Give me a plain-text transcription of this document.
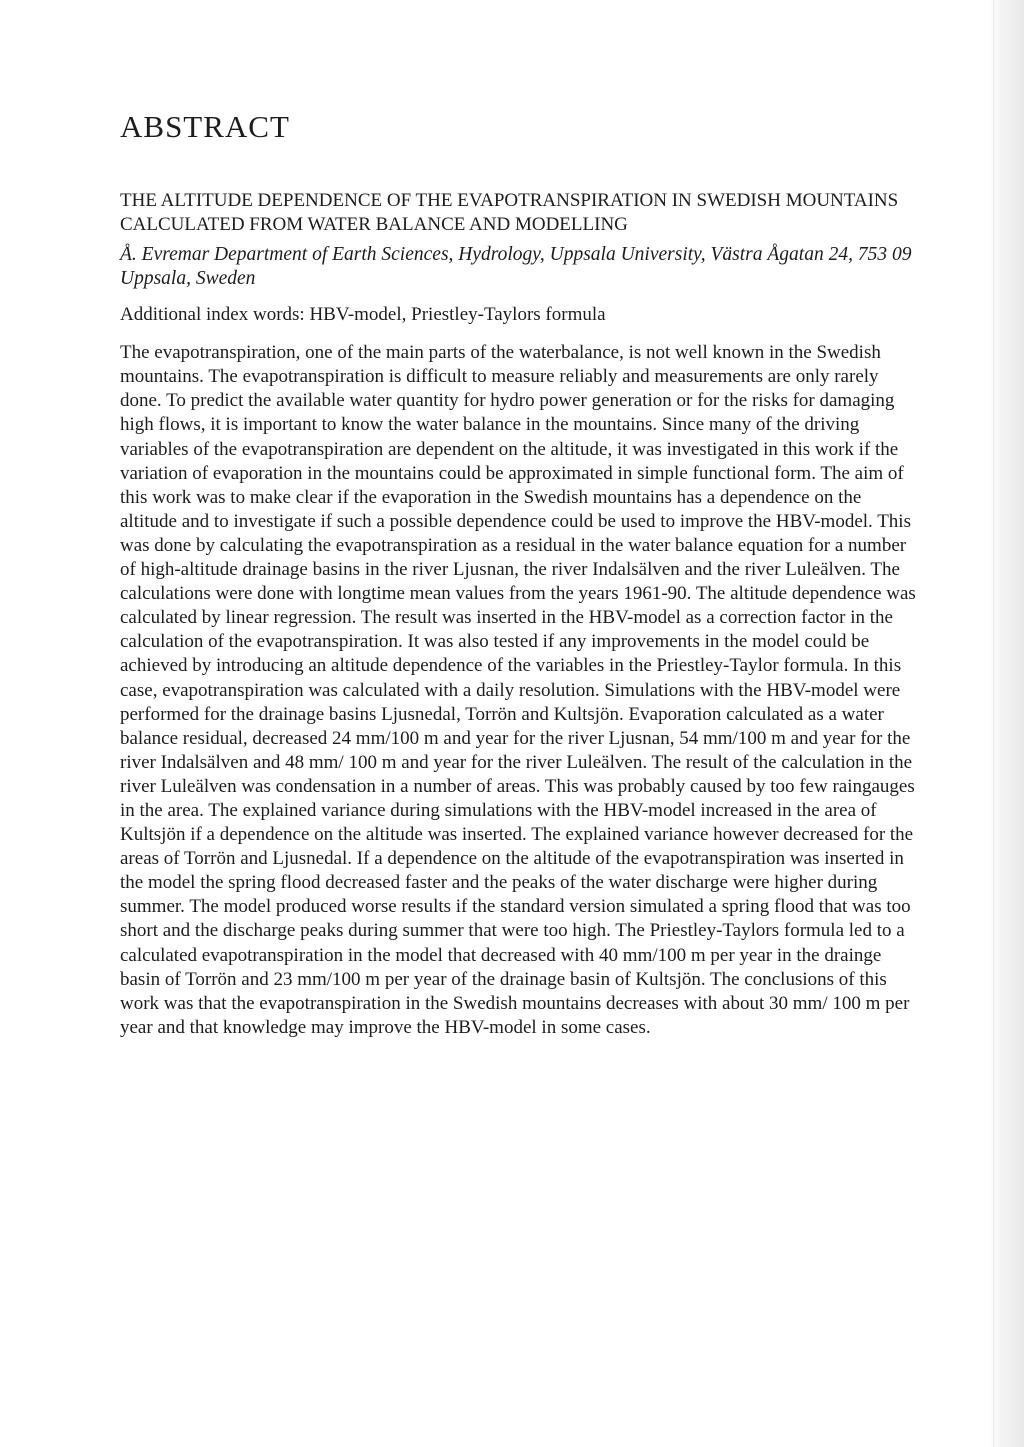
ABSTRACT

THE ALTITUDE DEPENDENCE OF THE EVAPOTRANSPIRATION IN SWEDISH MOUNTAINS CALCULATED FROM WATER BALANCE AND MODELLING

Å. Evremar Department of Earth Sciences, Hydrology, Uppsala University, Västra Ågatan 24, 753 09 Uppsala, Sweden

Additional index words: HBV-model, Priestley-Taylors formula

The evapotranspiration, one of the main parts of the waterbalance, is not well known in the Swedish mountains. The evapotranspiration is difficult to measure reliably and measurements are only rarely done. To predict the available water quantity for hydro power generation or for the risks for damaging high flows, it is important to know the water balance in the mountains. Since many of the driving variables of the evapotranspiration are dependent on the altitude, it was investigated in this work if the variation of evaporation in the mountains could be approximated in simple functional form. The aim of this work was to make clear if the evaporation in the Swedish mountains has a dependence on the altitude and to investigate if such a possible dependence could be used to improve the HBV-model. This was done by calculating the evapotranspiration as a residual in the water balance equation for a number of high-altitude drainage basins in the river Ljusnan, the river Indalsälven and the river Luleälven. The calculations were done with longtime mean values from the years 1961-90. The altitude dependence was calculated by linear regression. The result was inserted in the HBV-model as a correction factor in the calculation of the evapotranspiration. It was also tested if any improvements in the model could be achieved by introducing an altitude dependence of the variables in the Priestley-Taylor formula. In this case, evapotranspiration was calculated with a daily resolution. Simulations with the HBV-model were performed for the drainage basins Ljusnedal, Torrön and Kultsjön. Evaporation calculated as a water balance residual, decreased 24 mm/100 m and year for the river Ljusnan, 54 mm/100 m and year for the river Indalsälven and 48 mm/ 100 m and year for the river Luleälven. The result of the calculation in the river Luleälven was condensation in a number of areas. This was probably caused by too few raingauges in the area. The explained variance during simulations with the HBV-model increased in the area of Kultsjön if a dependence on the altitude was inserted. The explained variance however decreased for the areas of Torrön and Ljusnedal. If a dependence on the altitude of the evapotranspiration was inserted in the model the spring flood decreased faster and the peaks of the water discharge were higher during summer. The model produced worse results if the standard version simulated a spring flood that was too short and the discharge peaks during summer that were too high. The Priestley-Taylors formula led to a calculated evapotranspiration in the model that decreased with 40 mm/100 m per year in the drainge basin of Torrön and 23 mm/100 m per year of the drainage basin of Kultsjön. The conclusions of this work was that the evapotranspiration in the Swedish mountains decreases with about 30 mm/ 100 m per year and that knowledge may improve the HBV-model in some cases.
